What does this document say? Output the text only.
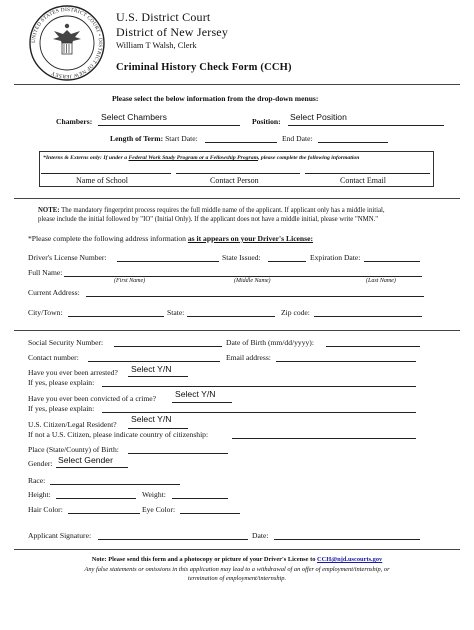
UNITED STATES DISTRICT COURT • DISTRICT OF NEW JERSEY
U.S. District Court
District of New Jersey
William T Walsh, Clerk
Criminal History Check Form (CCH)
Please select the below information from the drop-down menus:
Chambers: Select Chambers	Position: Select Position
Length of Term: Start Date:	End Date:
*Interns & Externs only: If under a Federal Work Study Program or a Fellowship Program, please complete the following information
Name of School	Contact Person	Contact Email
NOTE: The mandatory fingerprint process requires the full middle name of the applicant. If applicant only has a middle initial,
please include the initial followed by "IO" (Initial Only). If the applicant does not have a middle initial, please write "NMN."
*Please complete the following address information as it appears on your Driver's License:
Driver's License Number:	State Issued:	Expiration Date:
Full Name:
(First Name)	(Middle Name)	(Last Name)
Current Address:
City/Town:	State:	Zip code:
Social Security Number:	Date of Birth (mm/dd/yyyy):
Contact number:	Email address:
Have you ever been arrested? Select Y/N
If yes, please explain:
Have you ever been convicted of a crime? Select Y/N
If yes, please explain:
U.S. Citizen/Legal Resident?
Select Y/N
If not a U.S. Citizen, please indicate country of citizenship:
Place (State/County) of Birth:
Gender: Select Gender
Race:
Height:	Weight:
Hair Color:	Eye Color:
Applicant Signature:	Date:
Note: Please send this form and a photocopy or picture of your Driver's License to CCH@njd.uscourts.gov
Any false statements or omissions in this application may lead to a withdrawal of an offer of employment/internship, or
termination of employment/internship.
